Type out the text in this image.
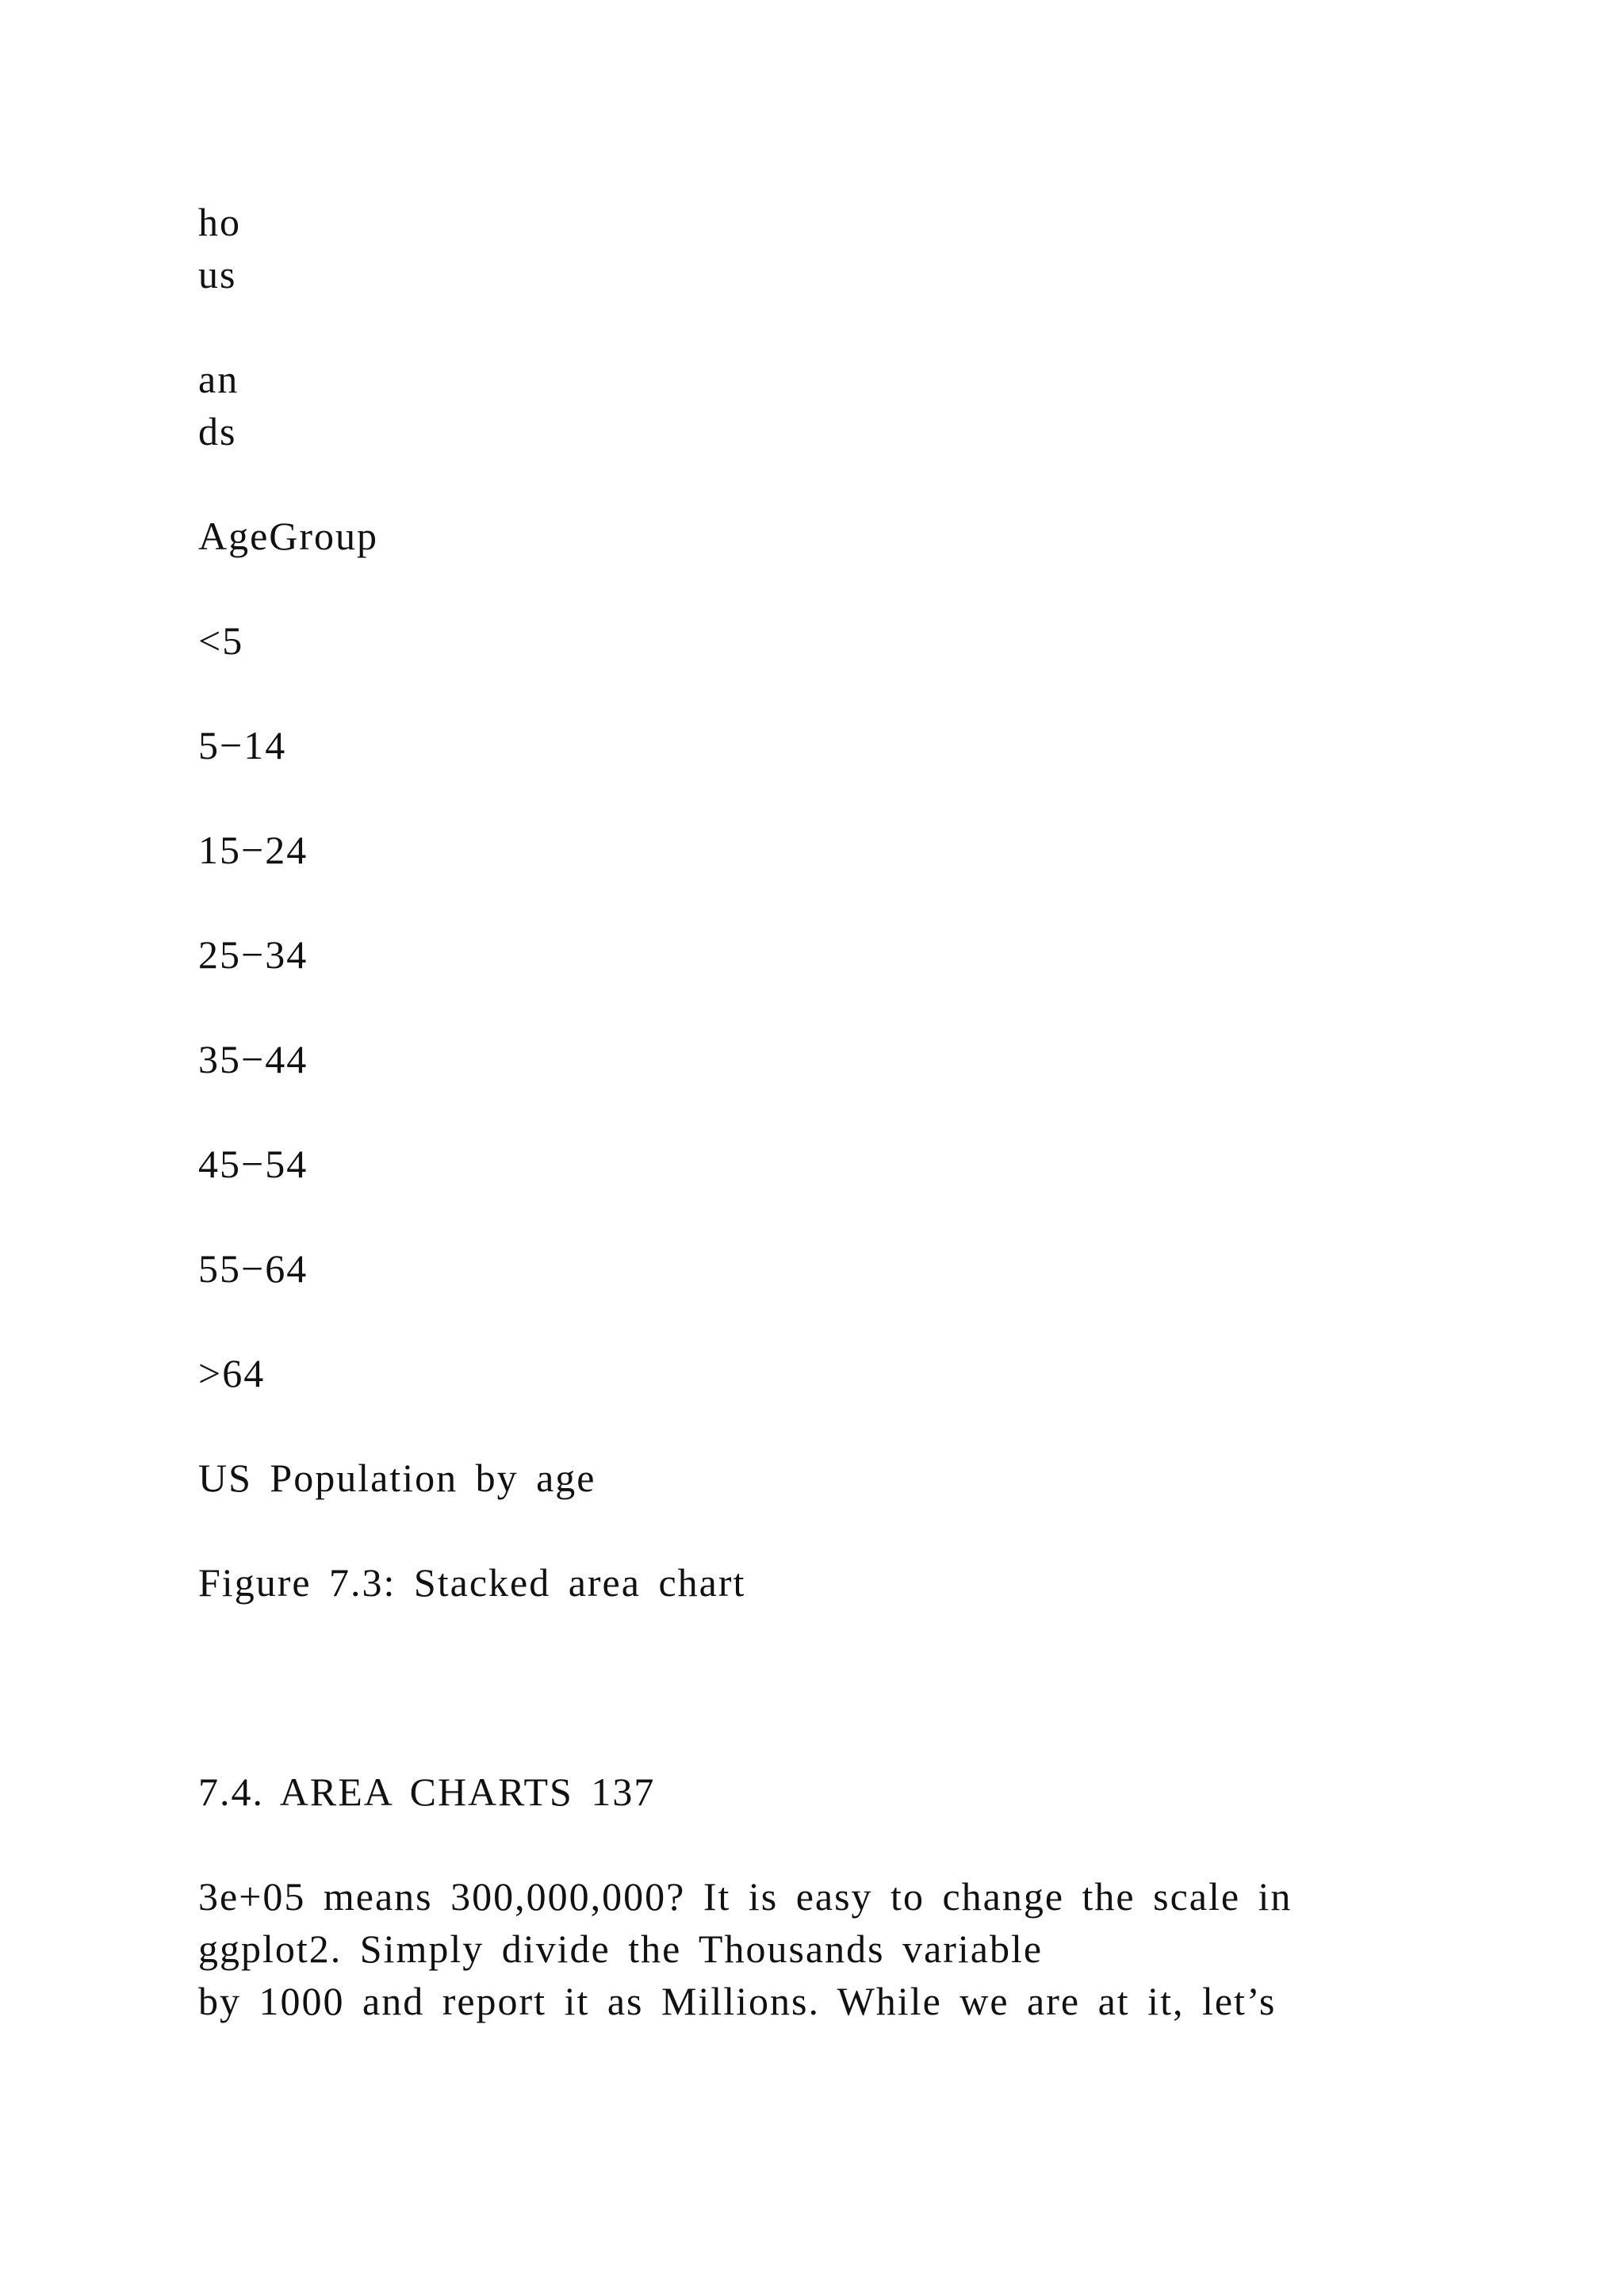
ho
us
an
ds
AgeGroup
<5
5−14
15−24
25−34
35−44
45−54
55−64
>64
US Population by age
Figure 7.3: Stacked area chart
7.4. AREA CHARTS 137
3e+05 means 300,000,000? It is easy to change the scale in
ggplot2. Simply divide the Thousands variable
by 1000 and report it as Millions. While we are at it, let’s
